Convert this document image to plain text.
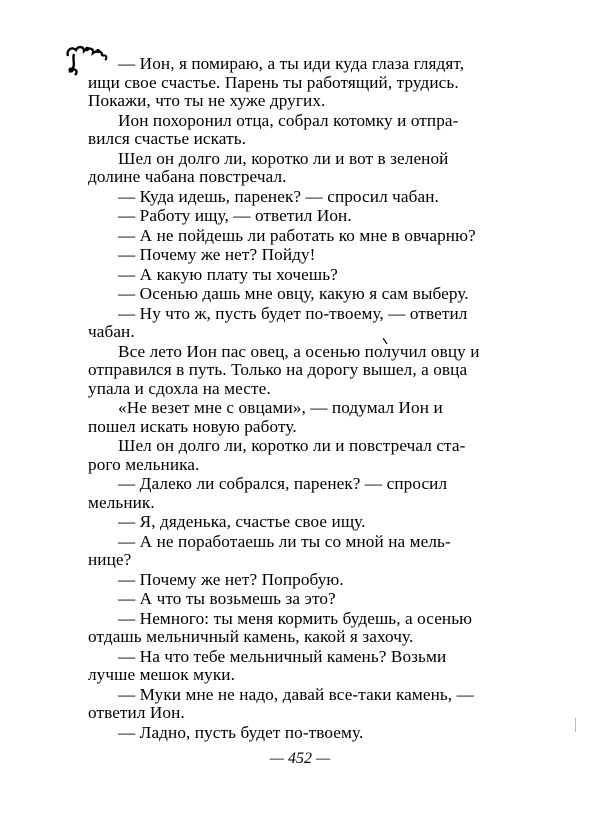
— Ион, я помираю, а ты иди куда глаза глядят,
ищи свое счастье. Парень ты работящий, трудись.
Покажи, что ты не хуже других.

Ион похоронил отца, собрал котомку и отпра-
вился счастье искать.

Шел он долго ли, коротко ли и вот в зеленой
долине чабана повстречал.

— Куда идешь, паренек? — спросил чабан.

— Работу ищу, — ответил Ион.

— А не пойдешь ли работать ко мне в овчарню?

— Почему же нет? Пойду!

— А какую плату ты хочешь?

— Осенью дашь мне овцу, какую я сам выберу.

— Ну что ж, пусть будет по-твоему, — ответил
чабан.

Все лето Ион пас овец, а осенью получил овцу и
отправился в путь. Только на дорогу вышел, а овца
упала и сдохла на месте.

«Не везет мне с овцами», — подумал Ион и
пошел искать новую работу.

Шел он долго ли, коротко ли и повстречал ста-
рого мельника.

— Далеко ли собрался, паренек? — спросил
мельник.

— Я, дяденька, счастье свое ищу.

— А не поработаешь ли ты со мной на мель-
нице?

— Почему же нет? Попробую.

— А что ты возьмешь за это?

— Немного: ты меня кормить будешь, а осенью
отдашь мельничный камень, какой я захочу.

— На что тебе мельничный камень? Возьми
лучше мешок муки.

— Муки мне не надо, давай все-таки камень, —
ответил Ион.

— Ладно, пусть будет по-твоему.

— 452 —
